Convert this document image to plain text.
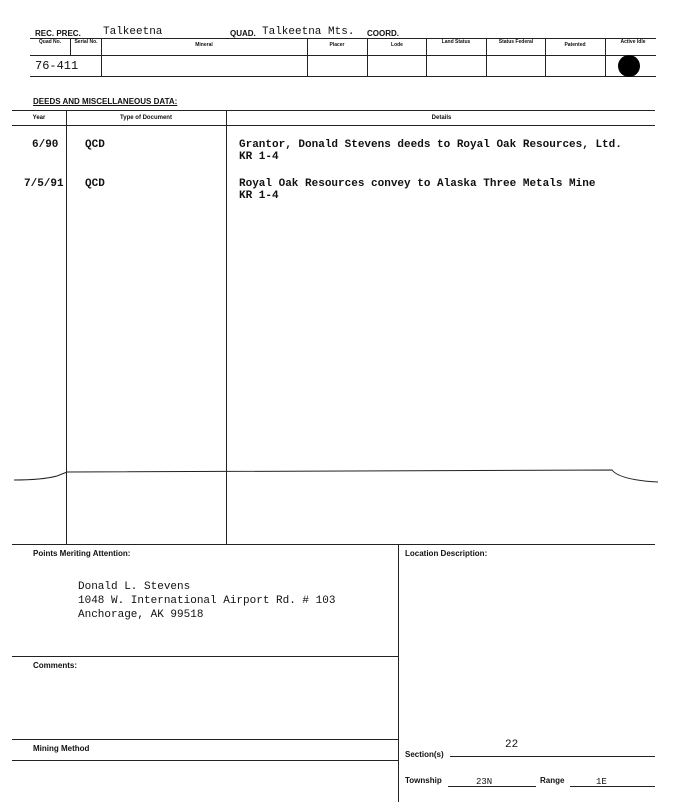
REC. PREC. Talkeetna	QUAD. Talkeetna Mts. COORD.
Quad No.	Serial No.	Mineral	Placer	Lode	Land Status	Status Federal	Patented	Active Idle
76-411
DEEDS AND MISCELLANEOUS DATA:
Year	Type of Document	Details
6/90 QCD	Grantor, Donald Stevens deeds to Royal Oak Resources, Ltd.
KR 1-4
7/5/91 QCD	Royal Oak Resources convey to Alaska Three Metals Mine
KR 1-4
Points Meriting Attention:
Donald L. Stevens
1048 W. International Airport Rd. # 103
Anchorage, AK 99518
Comments:
Mining Method
Location Description:
Section(s)
22
Township	23N	Range	1E
